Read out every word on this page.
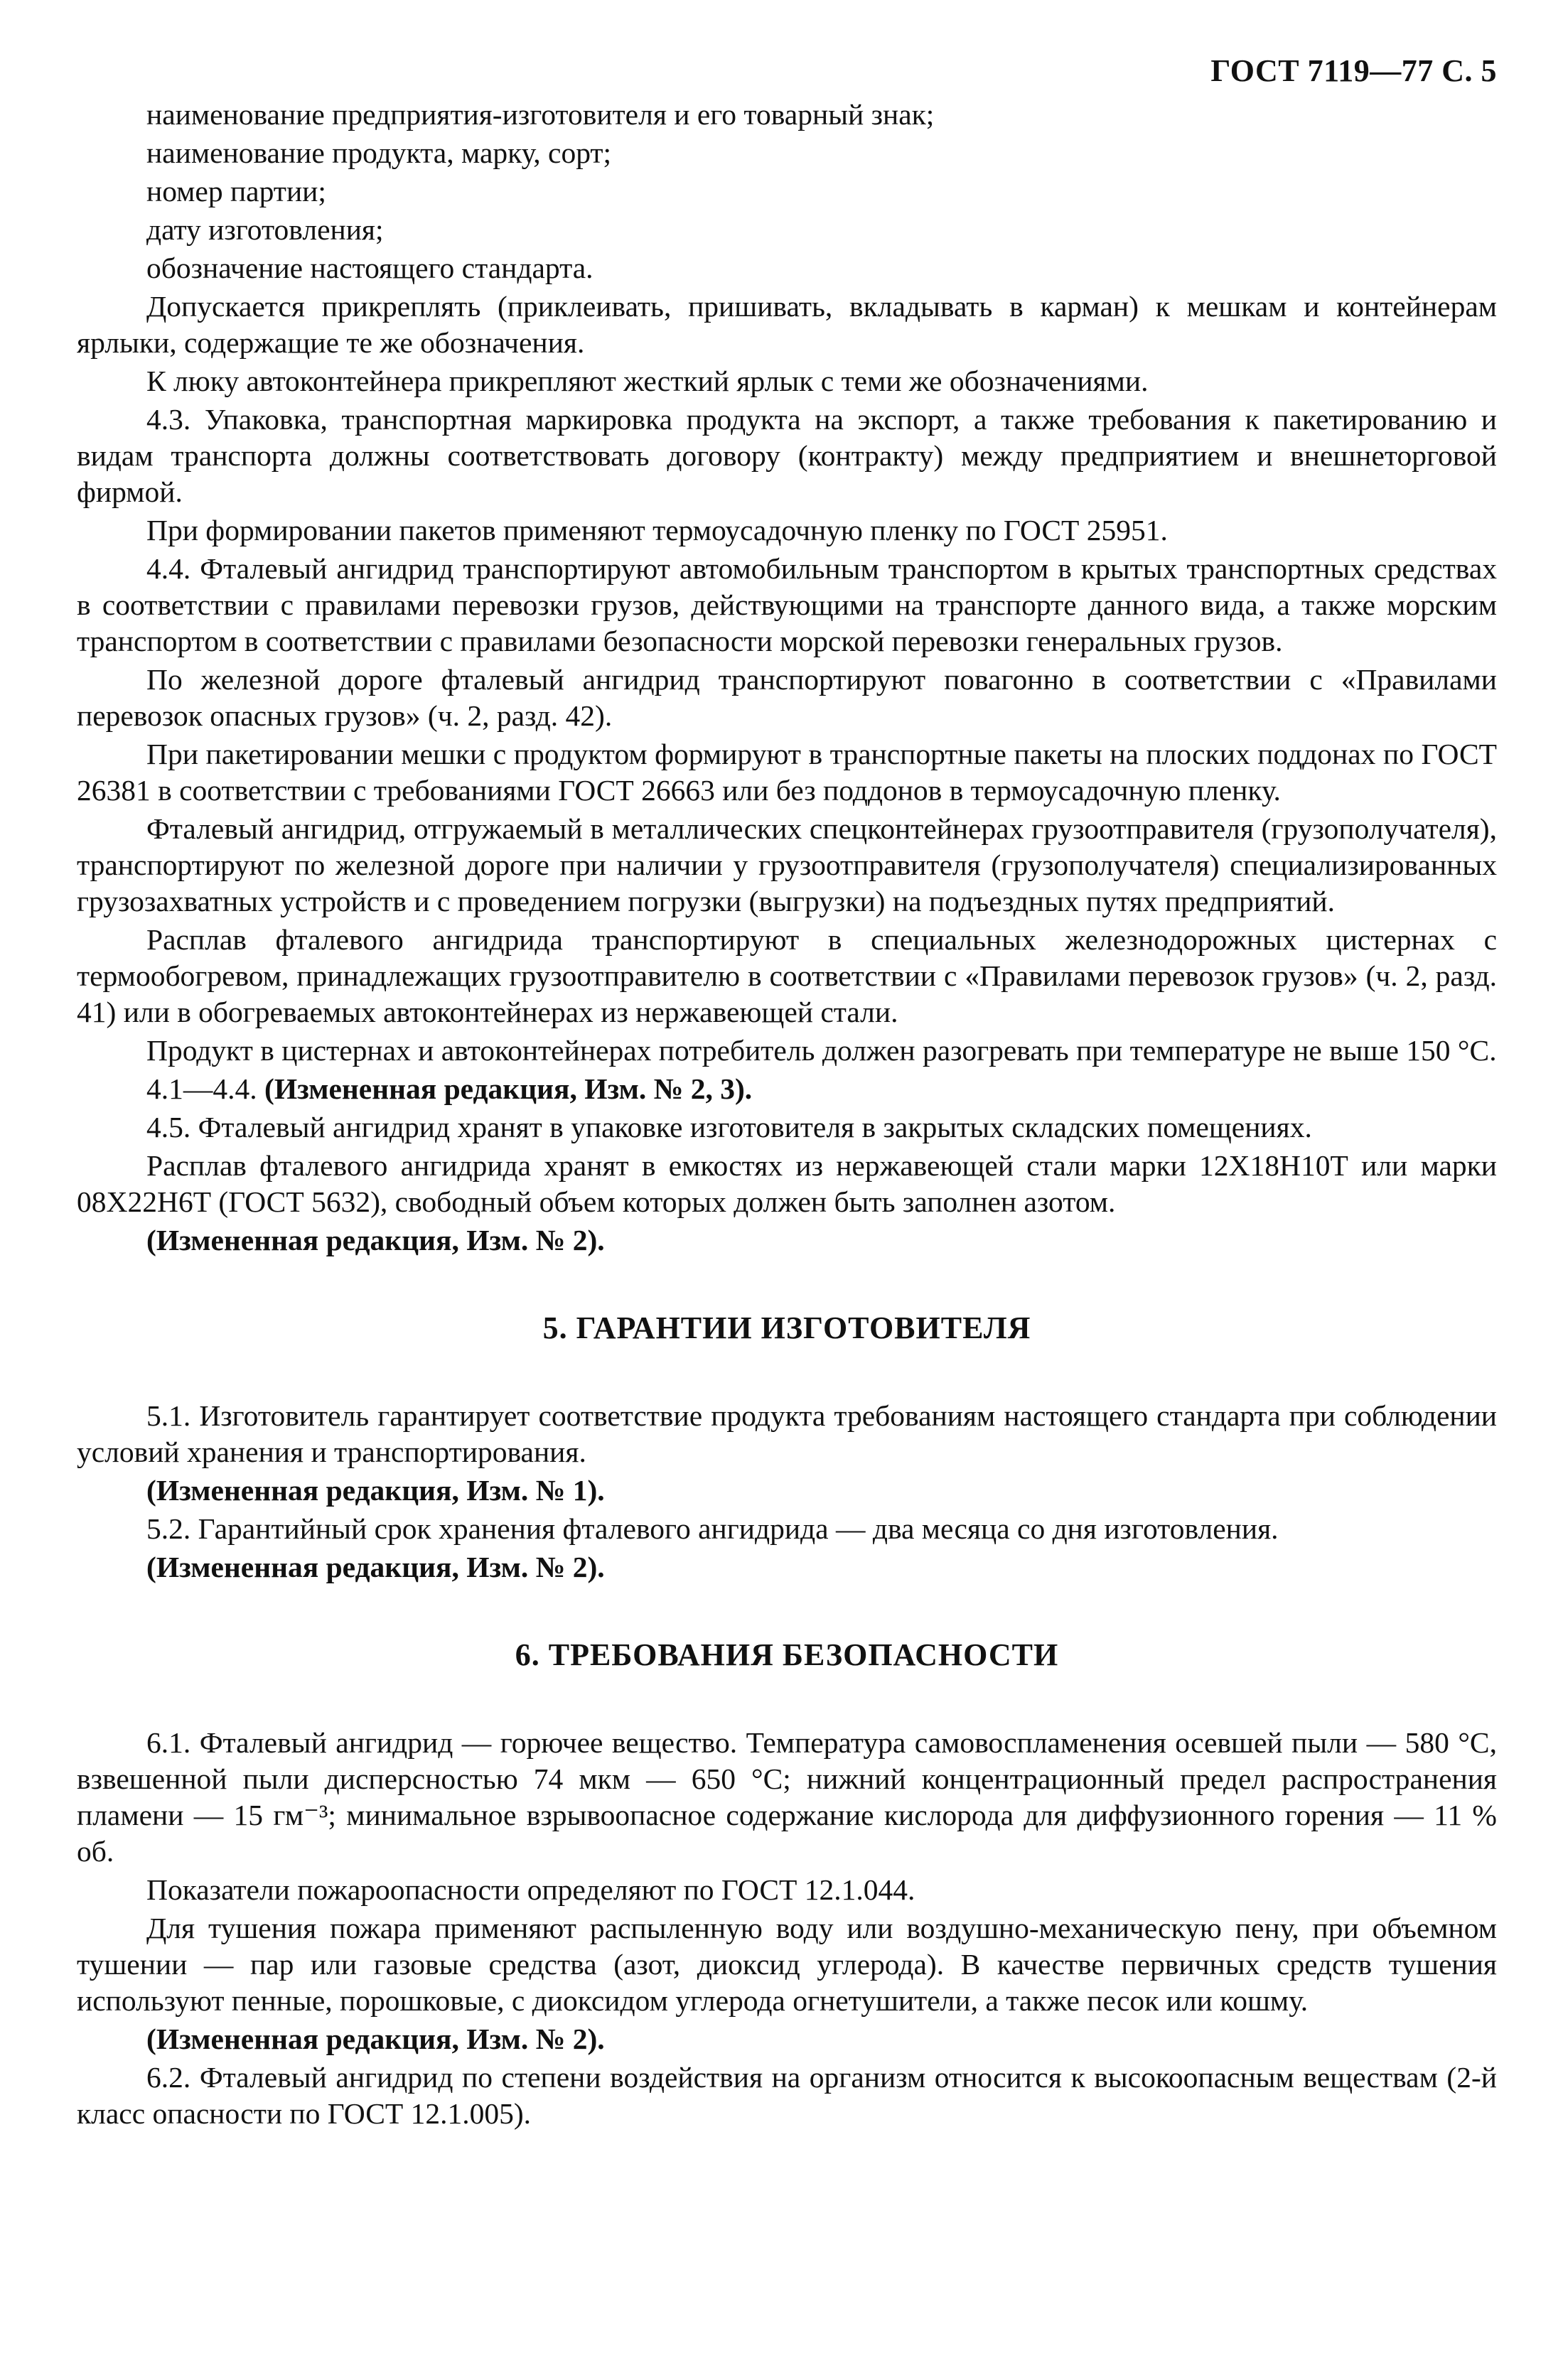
ГОСТ 7119—77 С. 5

наименование предприятия-изготовителя и его товарный знак;

наименование продукта, марку, сорт;

номер партии;

дату изготовления;

обозначение настоящего стандарта.

Допускается прикреплять (приклеивать, пришивать, вкладывать в карман) к мешкам и контейнерам ярлыки, содержащие те же обозначения.

К люку автоконтейнера прикрепляют жесткий ярлык с теми же обозначениями.

4.3. Упаковка, транспортная маркировка продукта на экспорт, а также требования к пакетированию и видам транспорта должны соответствовать договору (контракту) между предприятием и внешнеторговой фирмой.

При формировании пакетов применяют термоусадочную пленку по ГОСТ 25951.

4.4. Фталевый ангидрид транспортируют автомобильным транспортом в крытых транспортных средствах в соответствии с правилами перевозки грузов, действующими на транспорте данного вида, а также морским транспортом в соответствии с правилами безопасности морской перевозки генеральных грузов.

По железной дороге фталевый ангидрид транспортируют повагонно в соответствии с «Правилами перевозок опасных грузов» (ч. 2, разд. 42).

При пакетировании мешки с продуктом формируют в транспортные пакеты на плоских поддонах по ГОСТ 26381 в соответствии с требованиями ГОСТ 26663 или без поддонов в термоусадочную пленку.

Фталевый ангидрид, отгружаемый в металлических спецконтейнерах грузоотправителя (грузополучателя), транспортируют по железной дороге при наличии у грузоотправителя (грузополучателя) специализированных грузозахватных устройств и с проведением погрузки (выгрузки) на подъездных путях предприятий.

Расплав фталевого ангидрида транспортируют в специальных железнодорожных цистернах с термообогревом, принадлежащих грузоотправителю в соответствии с «Правилами перевозок грузов» (ч. 2, разд. 41) или в обогреваемых автоконтейнерах из нержавеющей стали.

Продукт в цистернах и автоконтейнерах потребитель должен разогревать при температуре не выше 150 °С.

4.1—4.4. (Измененная редакция, Изм. № 2, 3).

4.5. Фталевый ангидрид хранят в упаковке изготовителя в закрытых складских помещениях.

Расплав фталевого ангидрида хранят в емкостях из нержавеющей стали марки 12Х18Н10Т или марки 08Х22Н6Т (ГОСТ 5632), свободный объем которых должен быть заполнен азотом.

(Измененная редакция, Изм. № 2).

5. ГАРАНТИИ ИЗГОТОВИТЕЛЯ

5.1. Изготовитель гарантирует соответствие продукта требованиям настоящего стандарта при соблюдении условий хранения и транспортирования.

(Измененная редакция, Изм. № 1).

5.2. Гарантийный срок хранения фталевого ангидрида — два месяца со дня изготовления.

(Измененная редакция, Изм. № 2).

6. ТРЕБОВАНИЯ БЕЗОПАСНОСТИ

6.1. Фталевый ангидрид — горючее вещество. Температура самовоспламенения осевшей пыли — 580 °С, взвешенной пыли дисперсностью 74 мкм — 650 °С; нижний концентрационный предел распространения пламени — 15 гм⁻³; минимальное взрывоопасное содержание кислорода для диффузионного горения — 11 % об.

Показатели пожароопасности определяют по ГОСТ 12.1.044.

Для тушения пожара применяют распыленную воду или воздушно-механическую пену, при объемном тушении — пар или газовые средства (азот, диоксид углерода). В качестве первичных средств тушения используют пенные, порошковые, с диоксидом углерода огнетушители, а также песок или кошму.

(Измененная редакция, Изм. № 2).

6.2. Фталевый ангидрид по степени воздействия на организм относится к высокоопасным веществам (2-й класс опасности по ГОСТ 12.1.005).
